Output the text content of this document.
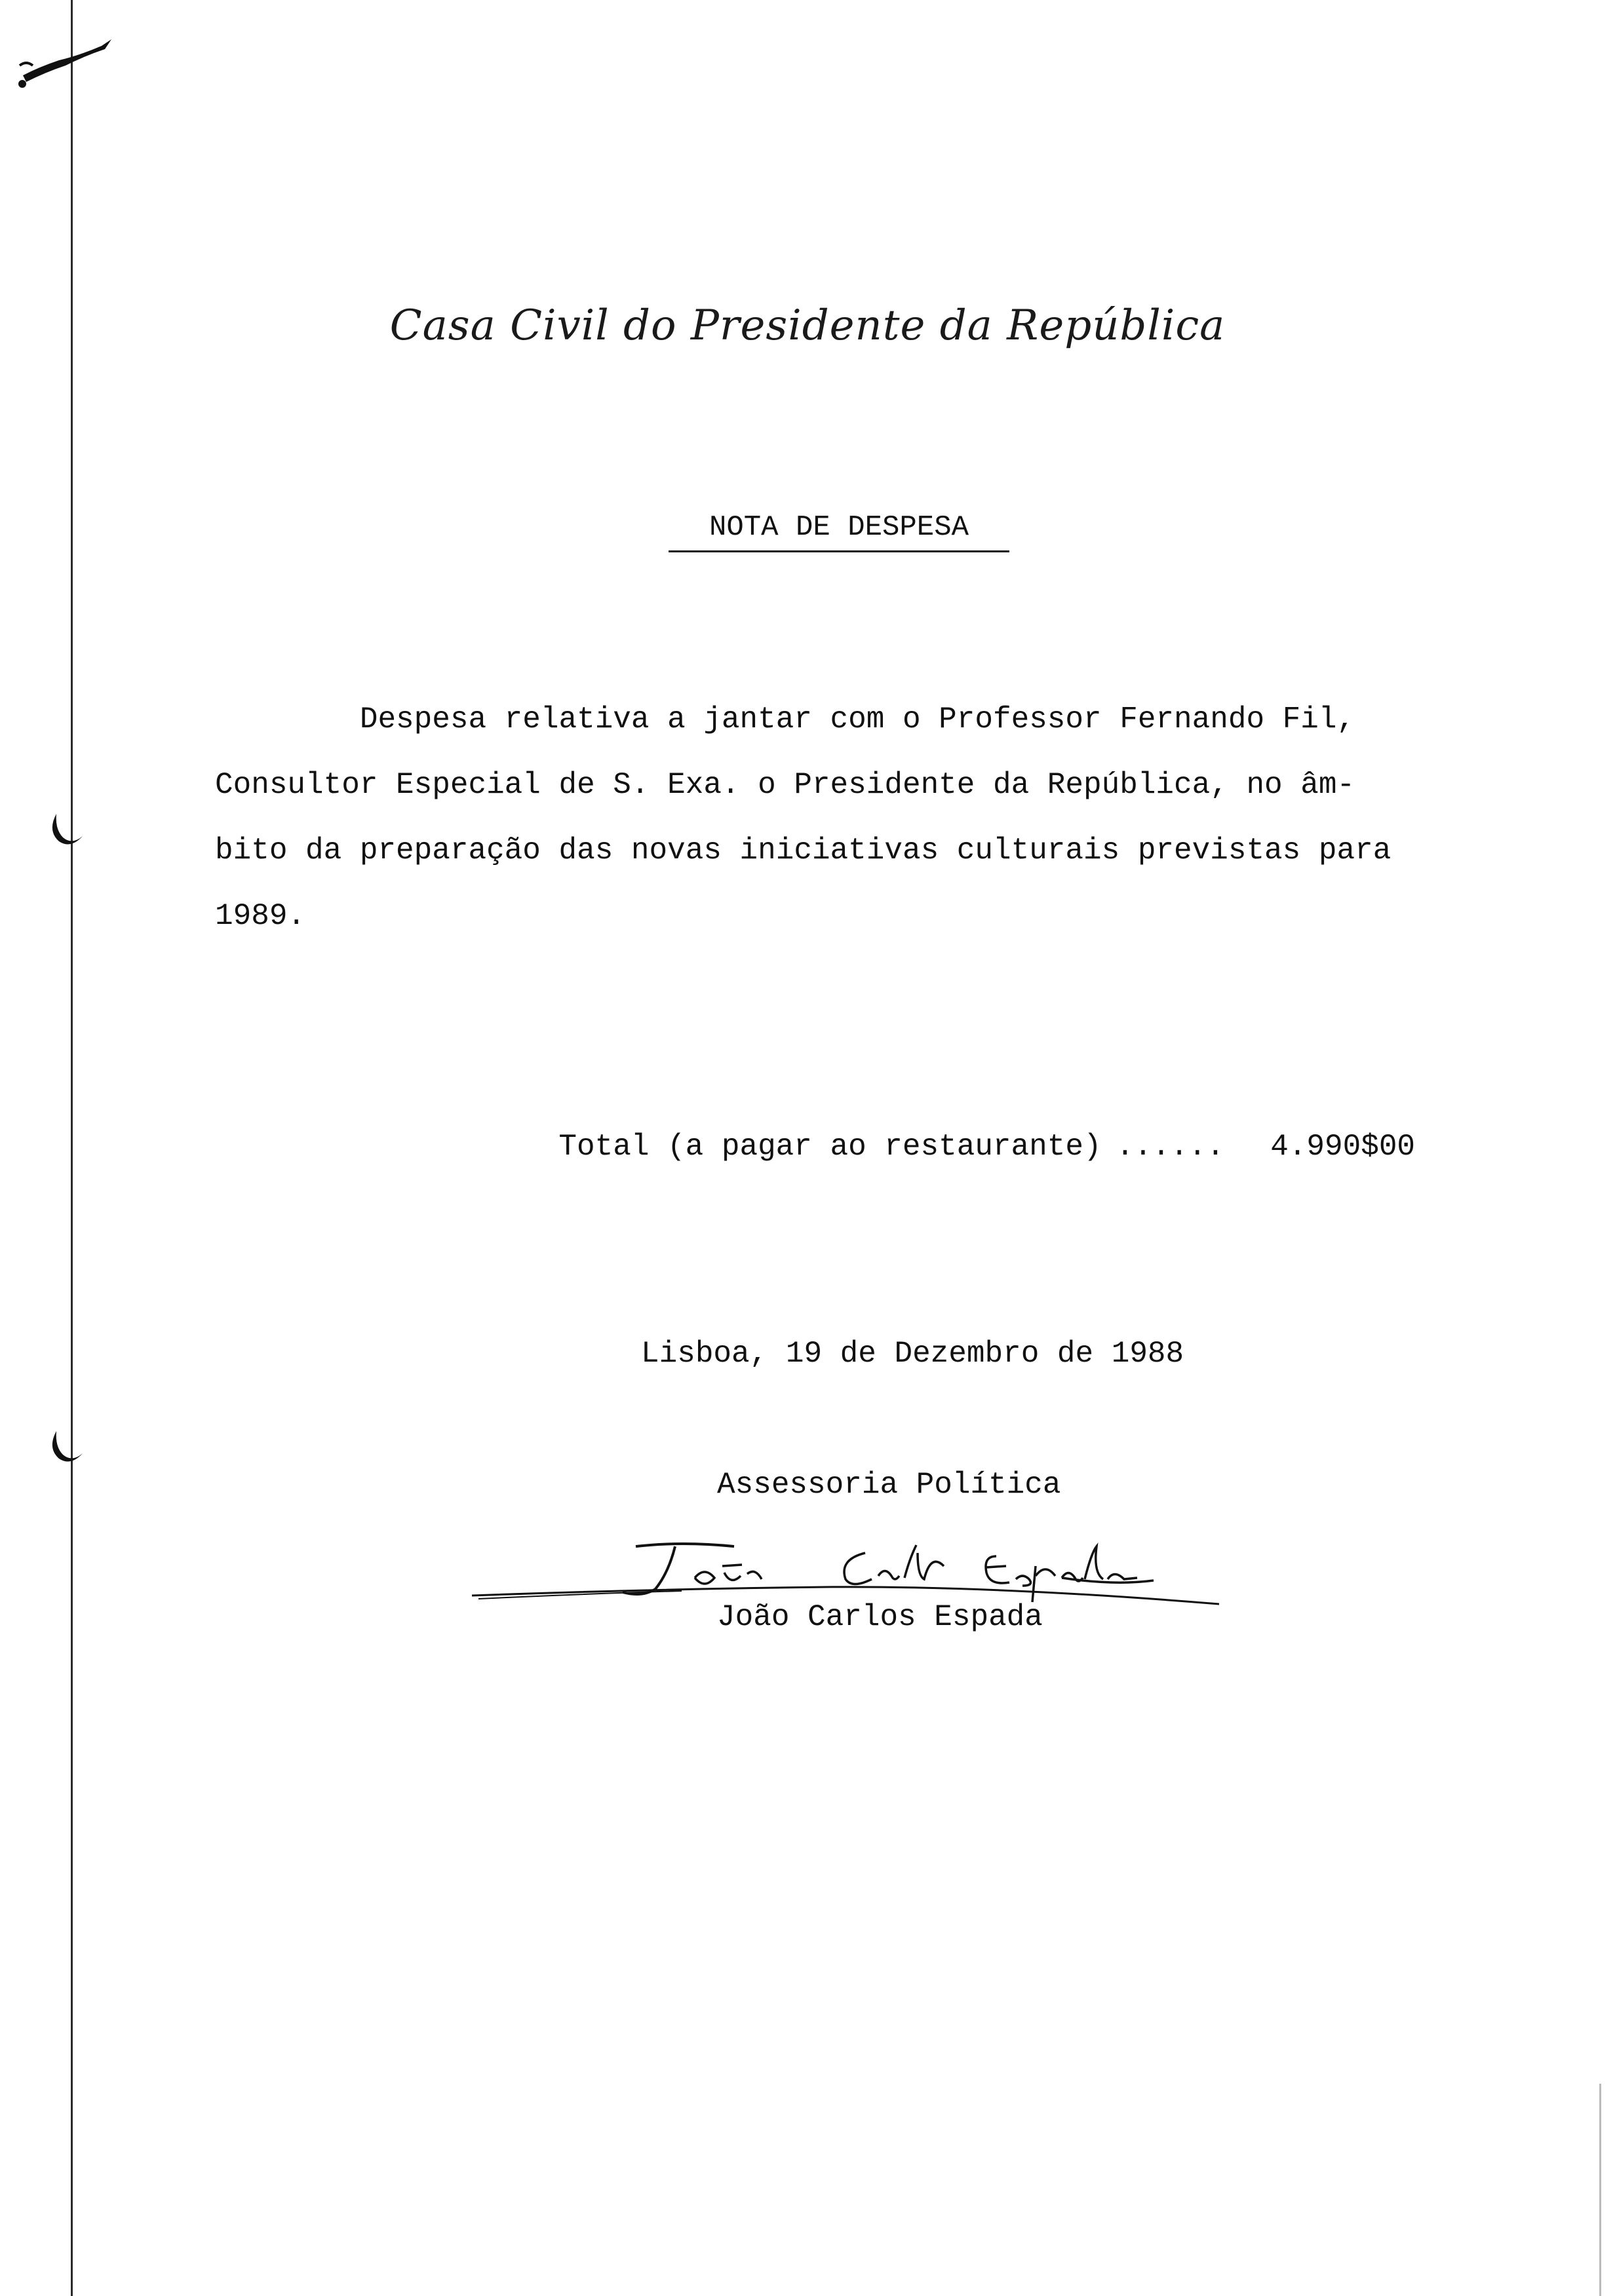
Casa Civil do Presidente da República
NOTA DE DESPESA
Despesa relativa a jantar com o Professor Fernando Fil,
Consultor Especial de S. Exa. o Presidente da República, no âm-
bito da preparação das novas iniciativas culturais previstas para
1989.

Total (a pagar ao restaurante) ...... 4.990$00

Lisboa, 19 de Dezembro de 1988
Assessoria Política
João Carlos Espada
